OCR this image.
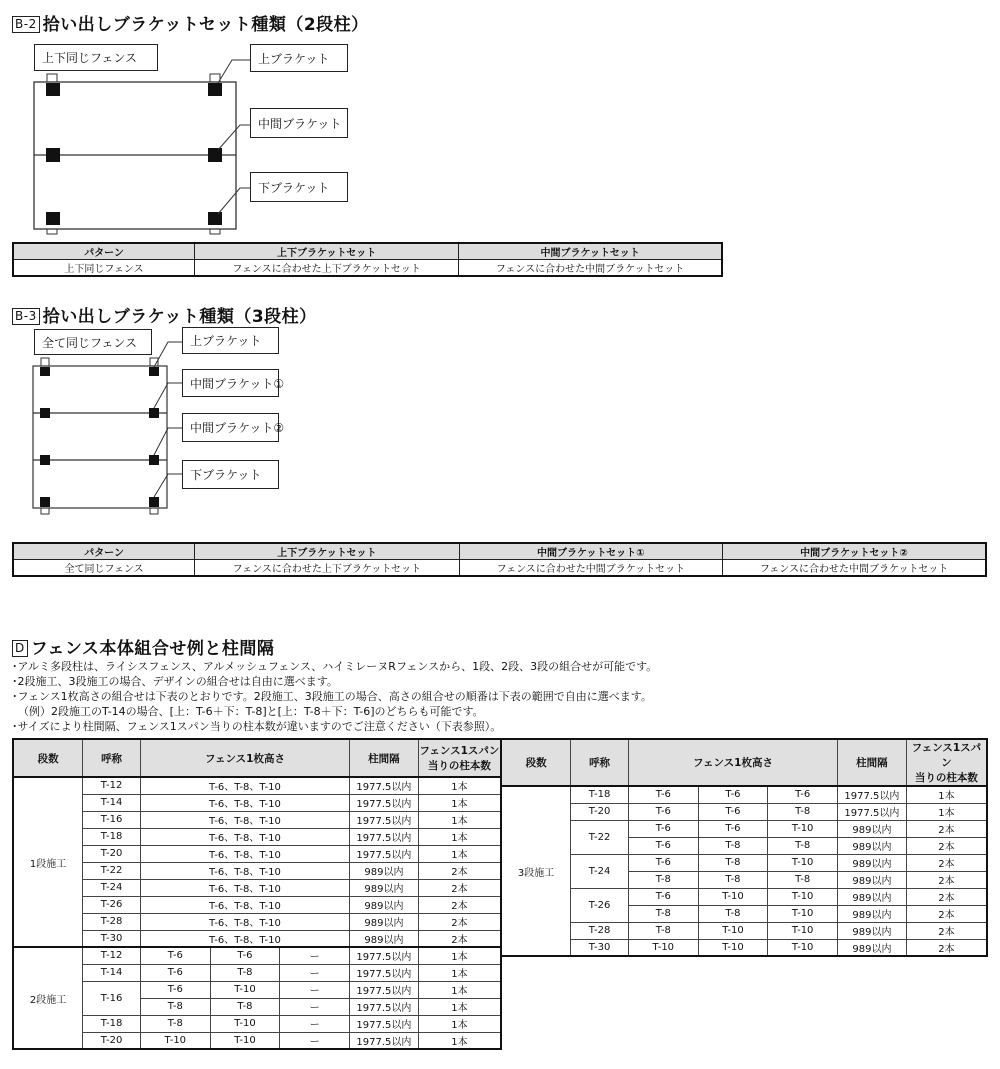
B-2 拾い出しブラケットセット種類（2段柱）
上下同じフェンス	上ブラケット
中間ブラケット
下ブラケット
パターン	上下ブラケットセット	中間ブラケットセット
上下同じフェンス	フェンスに合わせた上下ブラケットセット	フェンスに合わせた中間ブラケットセット
B-3 拾い出しブラケット種類（3段柱）
全て同じフェンス	上ブラケット
中間ブラケット①
中間ブラケット②
下ブラケット
パターン	上下ブラケットセット	中間ブラケットセット①	中間ブラケットセット②
全て同じフェンス	フェンスに合わせた上下ブラケットセット	フェンスに合わせた中間ブラケットセット	フェンスに合わせた中間ブラケットセット
D フェンス本体組合せ例と柱間隔
･アルミ多段柱は、ライシスフェンス、アルメッシュフェンス、ハイミレーヌRフェンスから、1段、2段、3段の組合せが可能です。
･2段施工、3段施工の場合、デザインの組合せは自由に選べます。
･フェンス1枚高さの組合せは下表のとおりです。2段施工、3段施工の場合、高さの組合せの順番は下表の範囲で自由に選べます。
（例）2段施工のT-14の場合、[上：T-6＋下：T-8]と[上：T-8＋下：T-6]のどちらも可能です。
･サイズにより柱間隔、フェンス1スパン当りの柱本数が違いますのでご注意ください（下表参照）。
段数	呼称	フェンス1枚高さ			柱間隔	フェンス1スパン
当りの柱本数
1段施工	T-12	T-6、T-8、T-10			1977.5以内	1本
	T-14	T-6、T-8、T-10			1977.5以内	1本
	T-16	T-6、T-8、T-10			1977.5以内	1本
	T-18	T-6、T-8、T-10			1977.5以内	1本
	T-20	T-6、T-8、T-10			1977.5以内	1本
	T-22	T-6、T-8、T-10			989以内	2本
	T-24	T-6、T-8、T-10			989以内	2本
	T-26	T-6、T-8、T-10			989以内	2本
	T-28	T-6、T-8、T-10			989以内	2本
	T-30	T-6、T-8、T-10			989以内	2本
2段施工	T-12	T-6	T-6	ー	1977.5以内	1本
	T-14	T-6	T-8	ー	1977.5以内	1本
	T-16	T-6	T-10	ー	1977.5以内	1本
		T-8	T-8	ー	1977.5以内	1本
	T-18	T-8	T-10	ー	1977.5以内	1本
	T-20	T-10	T-10	ー	1977.5以内	1本
段数	呼称	フェンス1枚高さ			柱間隔	フェンス1スパン
当りの柱本数
3段施工	T-18	T-6	T-6	T-6	1977.5以内	1本
	T-20	T-6	T-6	T-8	1977.5以内	1本
	T-22	T-6	T-6	T-10	989以内	2本
		T-6	T-8	T-8	989以内	2本
	T-24	T-6	T-8	T-10	989以内	2本
		T-8	T-8	T-8	989以内	2本
	T-26	T-6	T-10	T-10	989以内	2本
		T-8	T-8	T-10	989以内	2本
	T-28	T-8	T-10	T-10	989以内	2本
	T-30	T-10	T-10	T-10	989以内	2本
